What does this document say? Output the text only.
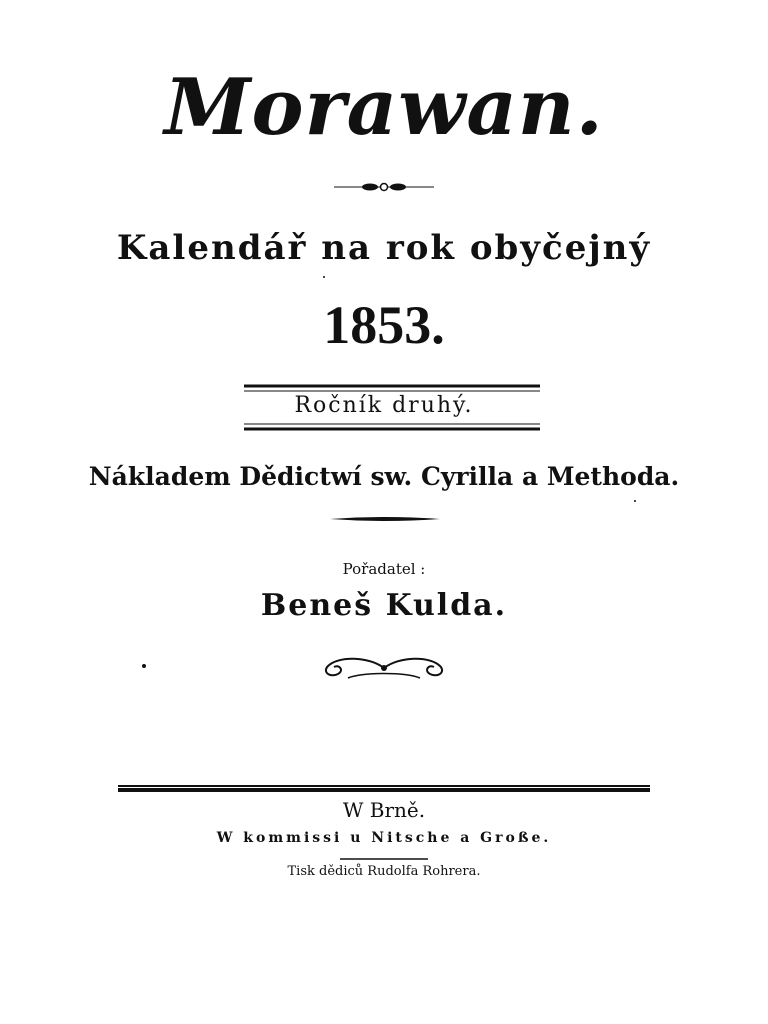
Morawan.
Kalendář na rok obyčejný
1853.
Ročník druhý.
Nákladem Dědictwí sw. Cyrilla a Methoda.
Pořadatel :
Beneš Kulda.
W Brně.
W kommissi u Nitsche a Große.
Tisk dědiců Rudolfa Rohrera.
